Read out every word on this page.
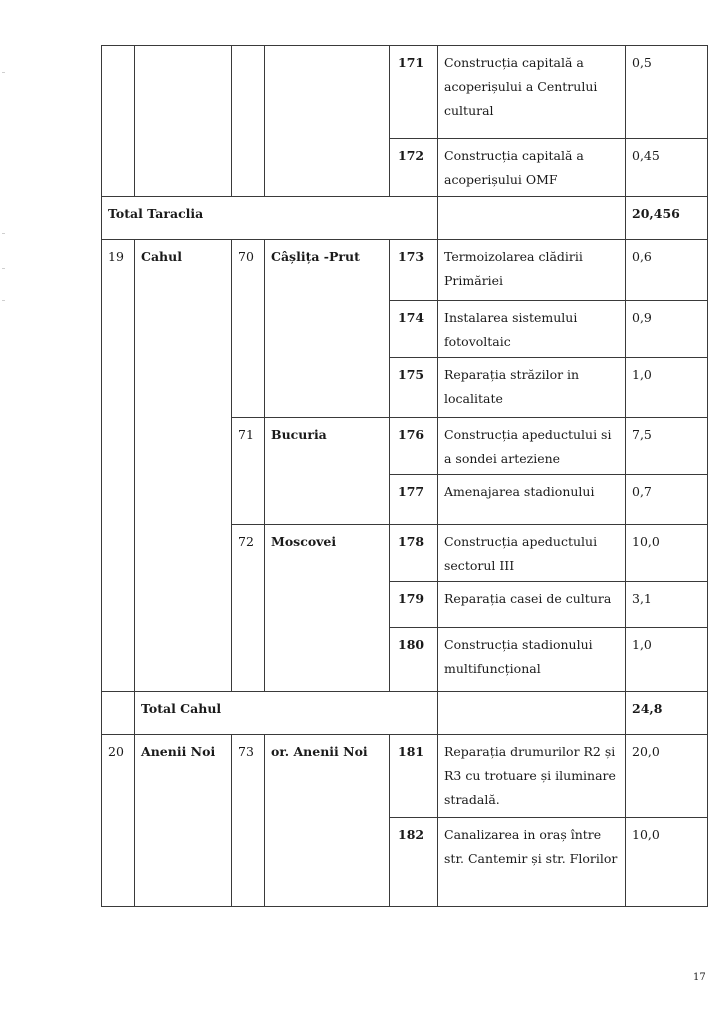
				171	Construcția capitală a acoperișului a Centrului cultural	0,5
				172	Construcția capitală a acoperișului OMF	0,45
Total Taraclia						20,456
19	Cahul	70	Câșlița -Prut	173	Termoizolarea clădirii Primăriei	0,6
				174	Instalarea sistemului fotovoltaic	0,9
				175	Reparația străzilor in localitate	1,0
		71	Bucuria	176	Construcția apeductului si a sondei arteziene	7,5
				177	Amenajarea stadionului	0,7
		72	Moscovei	178	Construcția apeductului sectorul III	10,0
				179	Reparația casei de cultura	3,1
				180	Construcția stadionului multifuncțional	1,0
	Total Cahul					24,8
20	Anenii Noi	73	or. Anenii Noi	181	Reparația drumurilor R2 și R3 cu trotuare și iluminare stradală.	20,0
				182	Canalizarea in oraș între str. Cantemir și str. Florilor	10,0
17
